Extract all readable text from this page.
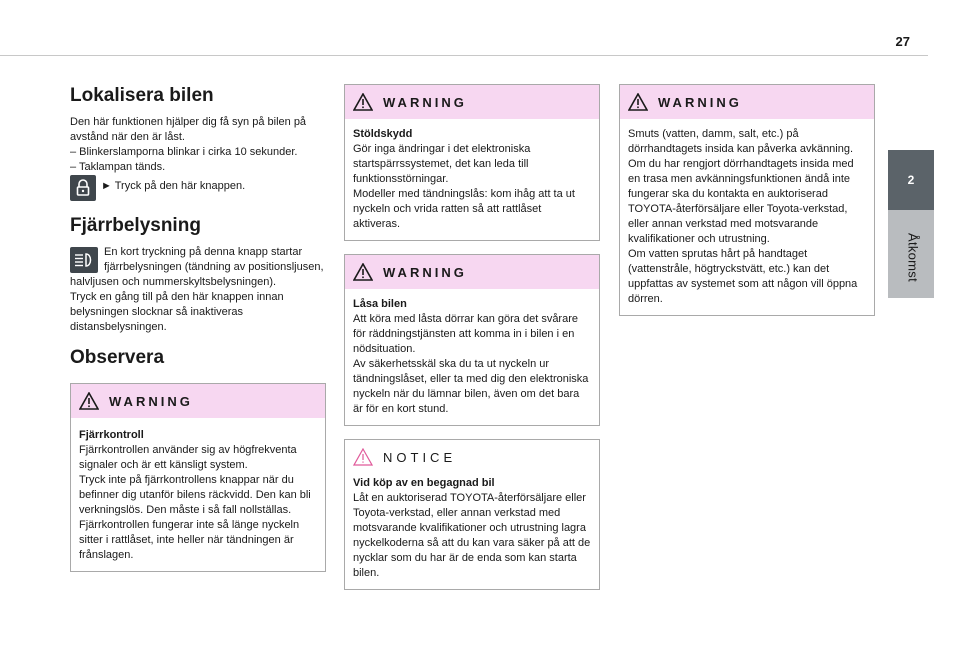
27
2
Åtkomst
Lokalisera bilen

Den här funktionen hjälper dig få syn på bilen på avstånd när den är låst.
– Blinkerslamporna blinkar i cirka 10 sekunder.
– Taklampan tänds.

► Tryck på den här knappen.

Fjärrbelysning

En kort tryckning på denna knapp startar fjärrbelysningen (tändning av positionsljusen, halvljusen och nummerskyltsbelysningen).
Tryck en gång till på den här knappen innan belysningen slocknar så inaktiveras distansbelysningen.

Observera
WARNING

Fjärrkontroll

Fjärrkontrollen använder sig av högfrekventa signaler och är ett känsligt system.
Tryck inte på fjärrkontrollens knappar när du befinner dig utanför bilens räckvidd. Den kan bli verkningslös. Den måste i så fall nollställas.
Fjärrkontrollen fungerar inte så länge nyckeln sitter i rattlåset, inte heller när tändningen är frånslagen.

WARNING

Stöldskydd

Gör inga ändringar i det elektroniska startspärrssystemet, det kan leda till funktionsstörningar.
Modeller med tändningslås: kom ihåg att ta ut nyckeln och vrida ratten så att rattlåset aktiveras.

WARNING

Låsa bilen

Att köra med låsta dörrar kan göra det svårare för räddningstjänsten att komma in i bilen i en nödsituation.
Av säkerhetsskäl ska du ta ut nyckeln ur tändningslåset, eller ta med dig den elektroniska nyckeln när du lämnar bilen, även om det bara är för en kort stund.

NOTICE

Vid köp av en begagnad bil

Låt en auktoriserad TOYOTA-återförsäljare eller Toyota-verkstad, eller annan verkstad med motsvarande kvalifikationer och utrustning lagra nyckelkoderna så att du kan vara säker på att de nycklar som du har är de enda som kan starta bilen.

WARNING

Smuts (vatten, damm, salt, etc.) på dörrhandtagets insida kan påverka avkänning.
Om du har rengjort dörrhandtagets insida med en trasa men avkänningsfunktionen ändå inte fungerar ska du kontakta en auktoriserad TOYOTA-återförsäljare eller Toyota-verkstad, eller annan verkstad med motsvarande kvalifikationer och utrustning.
Om vatten sprutas hårt på handtaget (vattenstråle, högtryckstvätt, etc.) kan det uppfattas av systemet som att någon vill öppna dörren.
